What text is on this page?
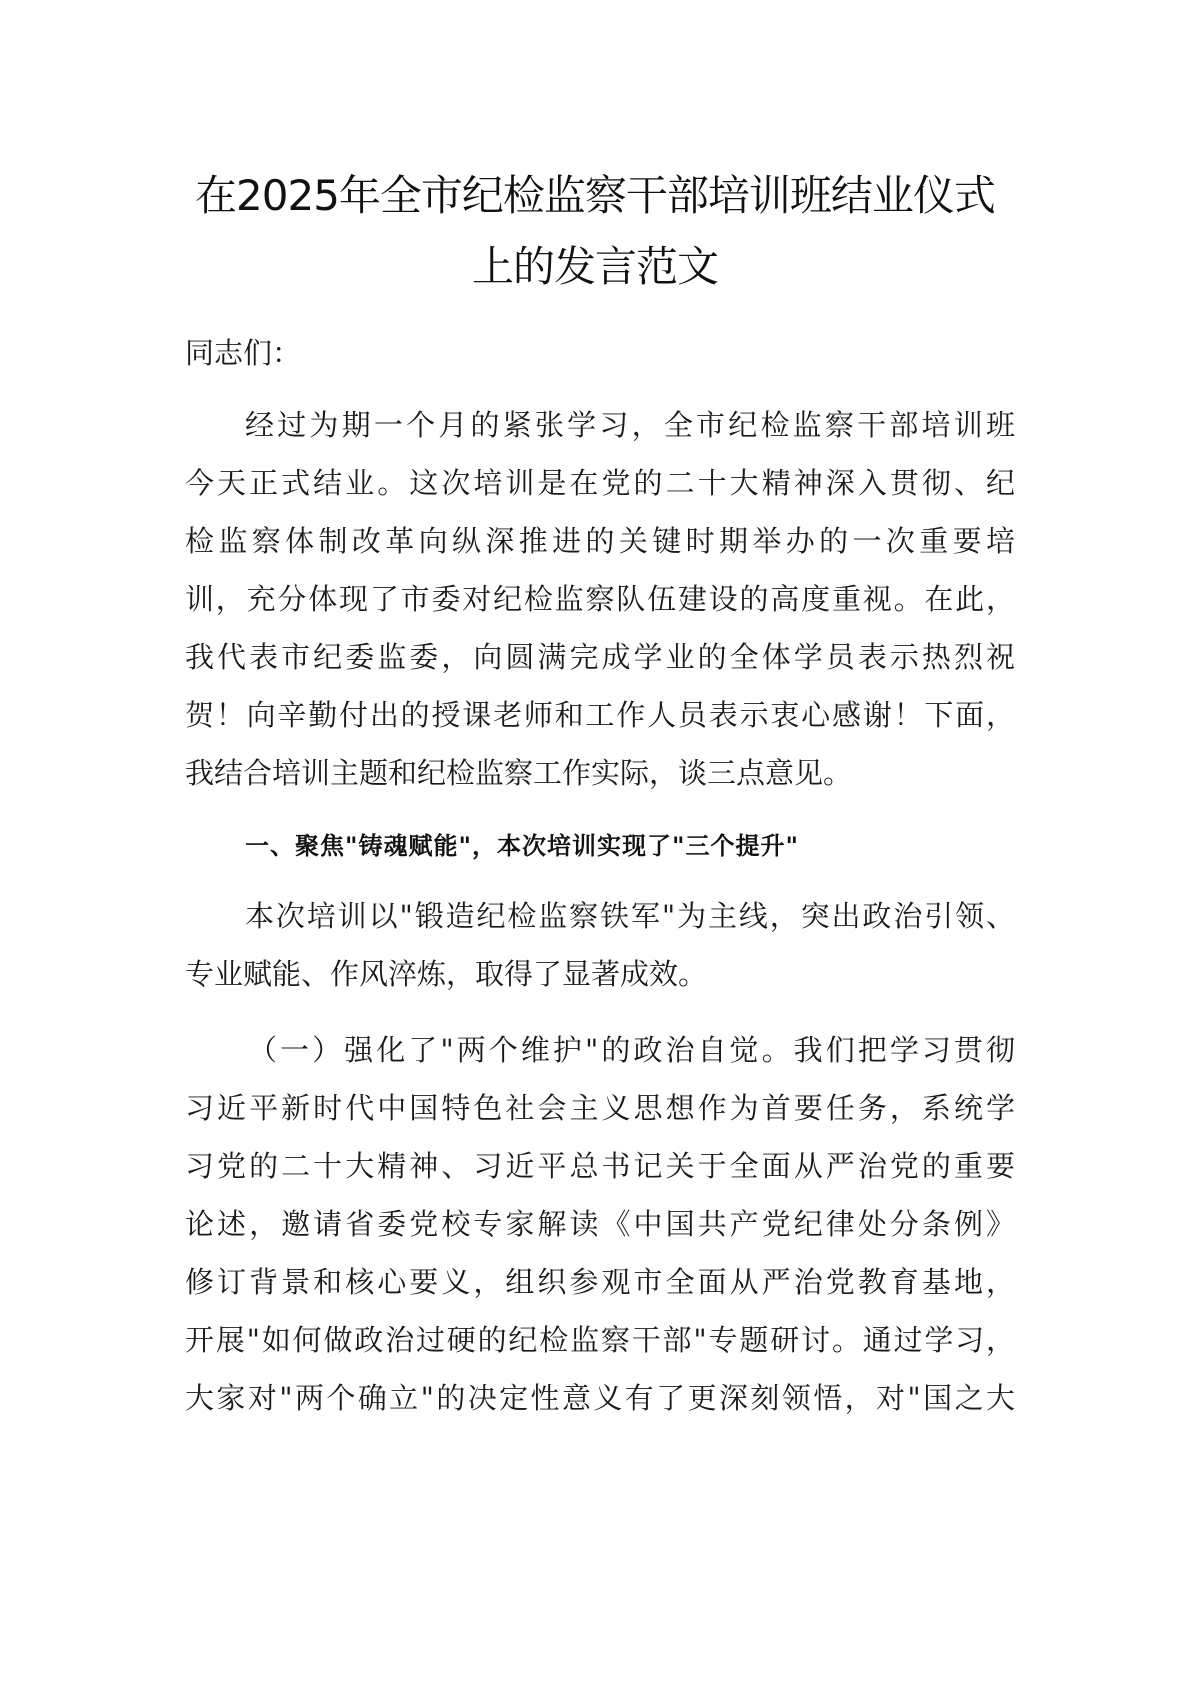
在2025年全市纪检监察干部培训班结业仪式
上的发言范文
同志们：
经过为期一个月的紧张学习，全市纪检监察干部培训班
今天正式结业。这次培训是在党的二十大精神深入贯彻、纪
检监察体制改革向纵深推进的关键时期举办的一次重要培
训，充分体现了市委对纪检监察队伍建设的高度重视。在此，
我代表市纪委监委，向圆满完成学业的全体学员表示热烈祝
贺！向辛勤付出的授课老师和工作人员表示衷心感谢！下面，
我结合培训主题和纪检监察工作实际，谈三点意见。
一、聚焦"铸魂赋能"，本次培训实现了"三个提升"
本次培训以"锻造纪检监察铁军"为主线，突出政治引领、
专业赋能、作风淬炼，取得了显著成效。
（一）强化了"两个维护"的政治自觉。我们把学习贯彻
习近平新时代中国特色社会主义思想作为首要任务，系统学
习党的二十大精神、习近平总书记关于全面从严治党的重要
论述，邀请省委党校专家解读《中国共产党纪律处分条例》
修订背景和核心要义，组织参观市全面从严治党教育基地，
开展"如何做政治过硬的纪检监察干部"专题研讨。通过学习，
大家对"两个确立"的决定性意义有了更深刻领悟，对"国之大
